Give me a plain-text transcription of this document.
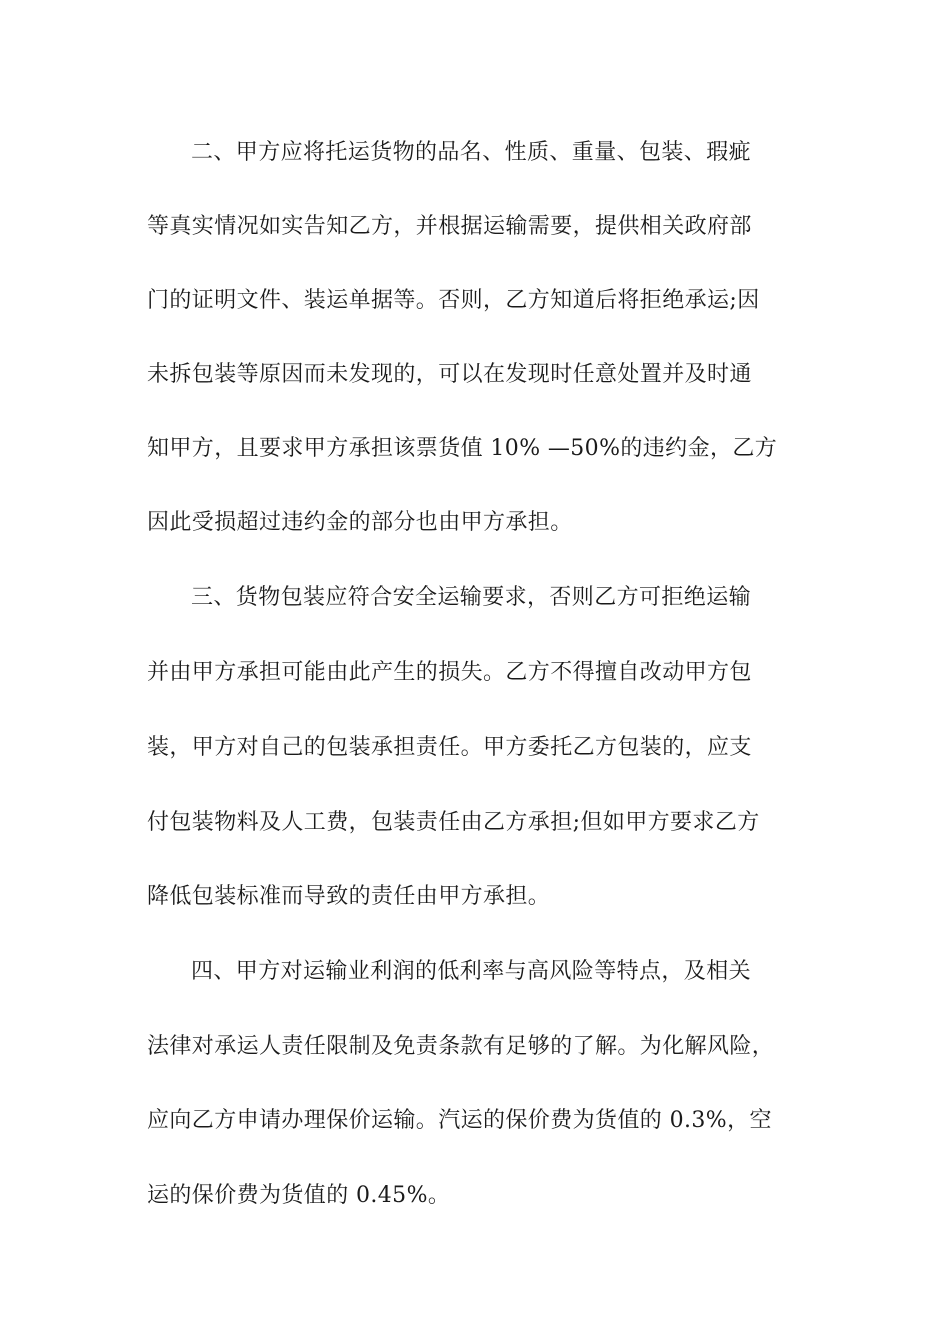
二、甲方应将托运货物的品名、性质、重量、包装、瑕疵
等真实情况如实告知乙方，并根据运输需要，提供相关政府部
门的证明文件、装运单据等。否则，乙方知道后将拒绝承运;因
未拆包装等原因而未发现的，可以在发现时任意处置并及时通
知甲方，且要求甲方承担该票货值 10% —50%的违约金，乙方
因此受损超过违约金的部分也由甲方承担。
三、货物包装应符合安全运输要求，否则乙方可拒绝运输
并由甲方承担可能由此产生的损失。乙方不得擅自改动甲方包
装，甲方对自己的包装承担责任。甲方委托乙方包装的，应支
付包装物料及人工费，包装责任由乙方承担;但如甲方要求乙方
降低包装标准而导致的责任由甲方承担。
四、甲方对运输业利润的低利率与高风险等特点，及相关
法律对承运人责任限制及免责条款有足够的了解。为化解风险，
应向乙方申请办理保价运输。汽运的保价费为货值的 0.3%，空
运的保价费为货值的 0.45%。
